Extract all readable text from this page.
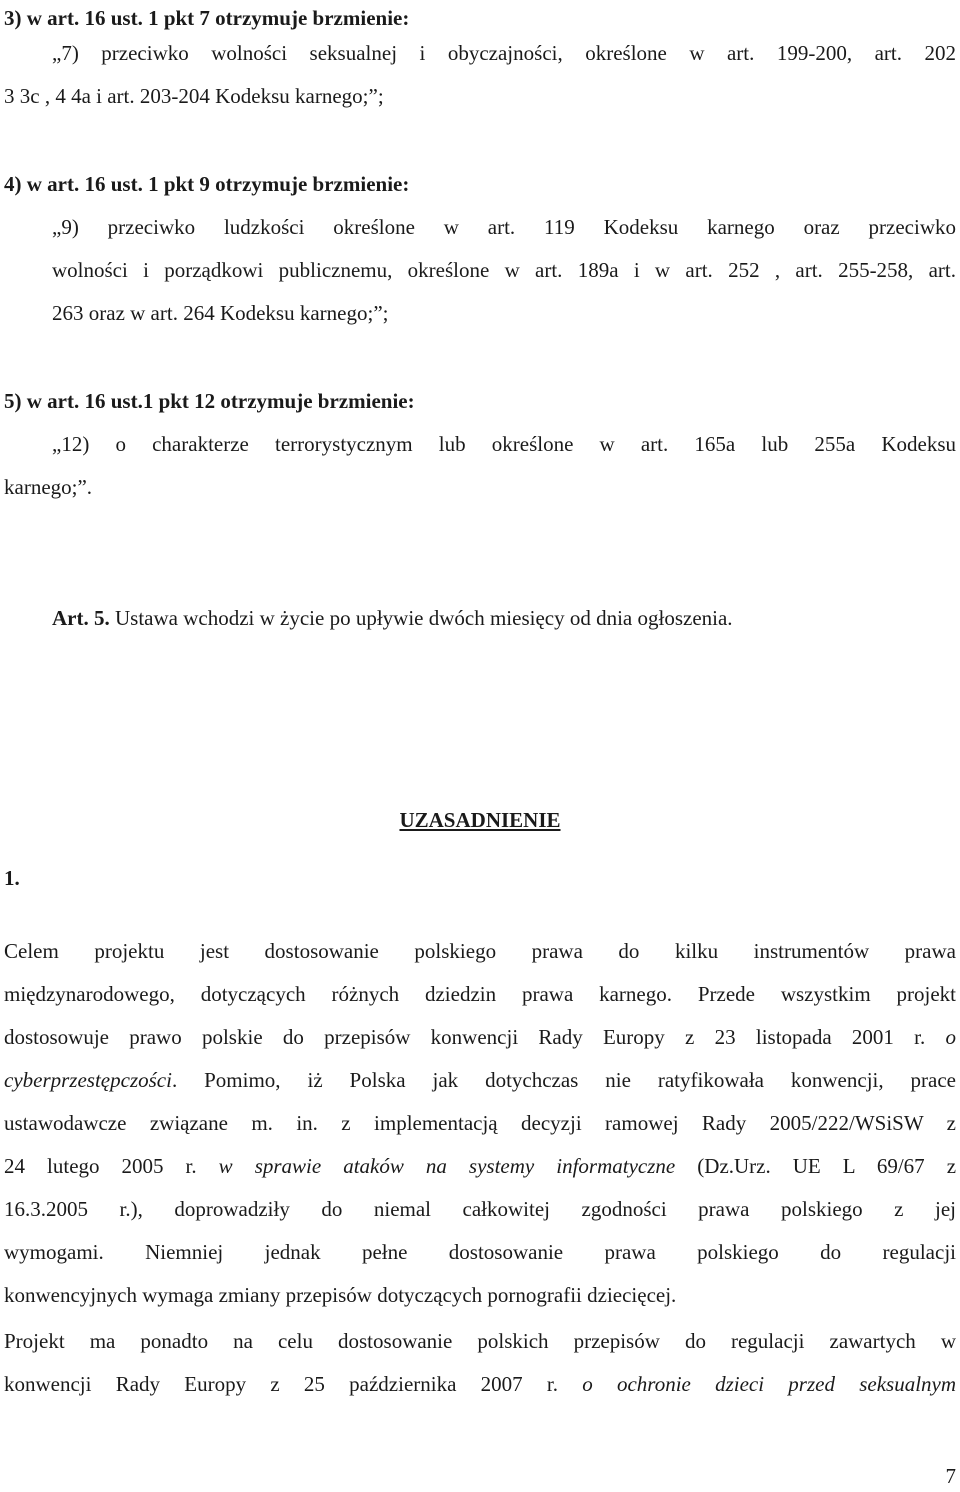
3) w art. 16 ust. 1 pkt 7 otrzymuje brzmienie:
„7) przeciwko wolności seksualnej i obyczajności, określone w art. 199-200, art. 202
3 3c , 4 4a i art. 203-204 Kodeksu karnego;”;
4) w art. 16 ust. 1 pkt 9 otrzymuje brzmienie:
„9) przeciwko ludzkości określone w art. 119 Kodeksu karnego oraz przeciwko
wolności i porządkowi publicznemu, określone w art. 189a i w art. 252 , art. 255-258, art.
263 oraz w art. 264 Kodeksu karnego;”;
5) w art. 16 ust.1 pkt 12 otrzymuje brzmienie:
„12) o charakterze terrorystycznym lub określone w art. 165a lub 255a Kodeksu
karnego;”.
Art. 5. Ustawa wchodzi w życie po upływie dwóch miesięcy od dnia ogłoszenia.
UZASADNIENIE
1.
Celem projektu jest dostosowanie polskiego prawa do kilku instrumentów prawa
międzynarodowego, dotyczących różnych dziedzin prawa karnego. Przede wszystkim projekt
dostosowuje prawo polskie do przepisów konwencji Rady Europy z 23 listopada 2001 r. o
cyberprzestępczości. Pomimo, iż Polska jak dotychczas nie ratyfikowała konwencji, prace
ustawodawcze związane m. in. z implementacją decyzji ramowej Rady 2005/222/WSiSW z
24 lutego 2005 r. w sprawie ataków na systemy informatyczne (Dz.Urz. UE L 69/67 z
16.3.2005 r.), doprowadziły do niemal całkowitej zgodności prawa polskiego z jej
wymogami. Niemniej jednak pełne dostosowanie prawa polskiego do regulacji
konwencyjnych wymaga zmiany przepisów dotyczących pornografii dziecięcej.
Projekt ma ponadto na celu dostosowanie polskich przepisów do regulacji zawartych w
konwencji Rady Europy z 25 października 2007 r. o ochronie dzieci przed seksualnym
7
